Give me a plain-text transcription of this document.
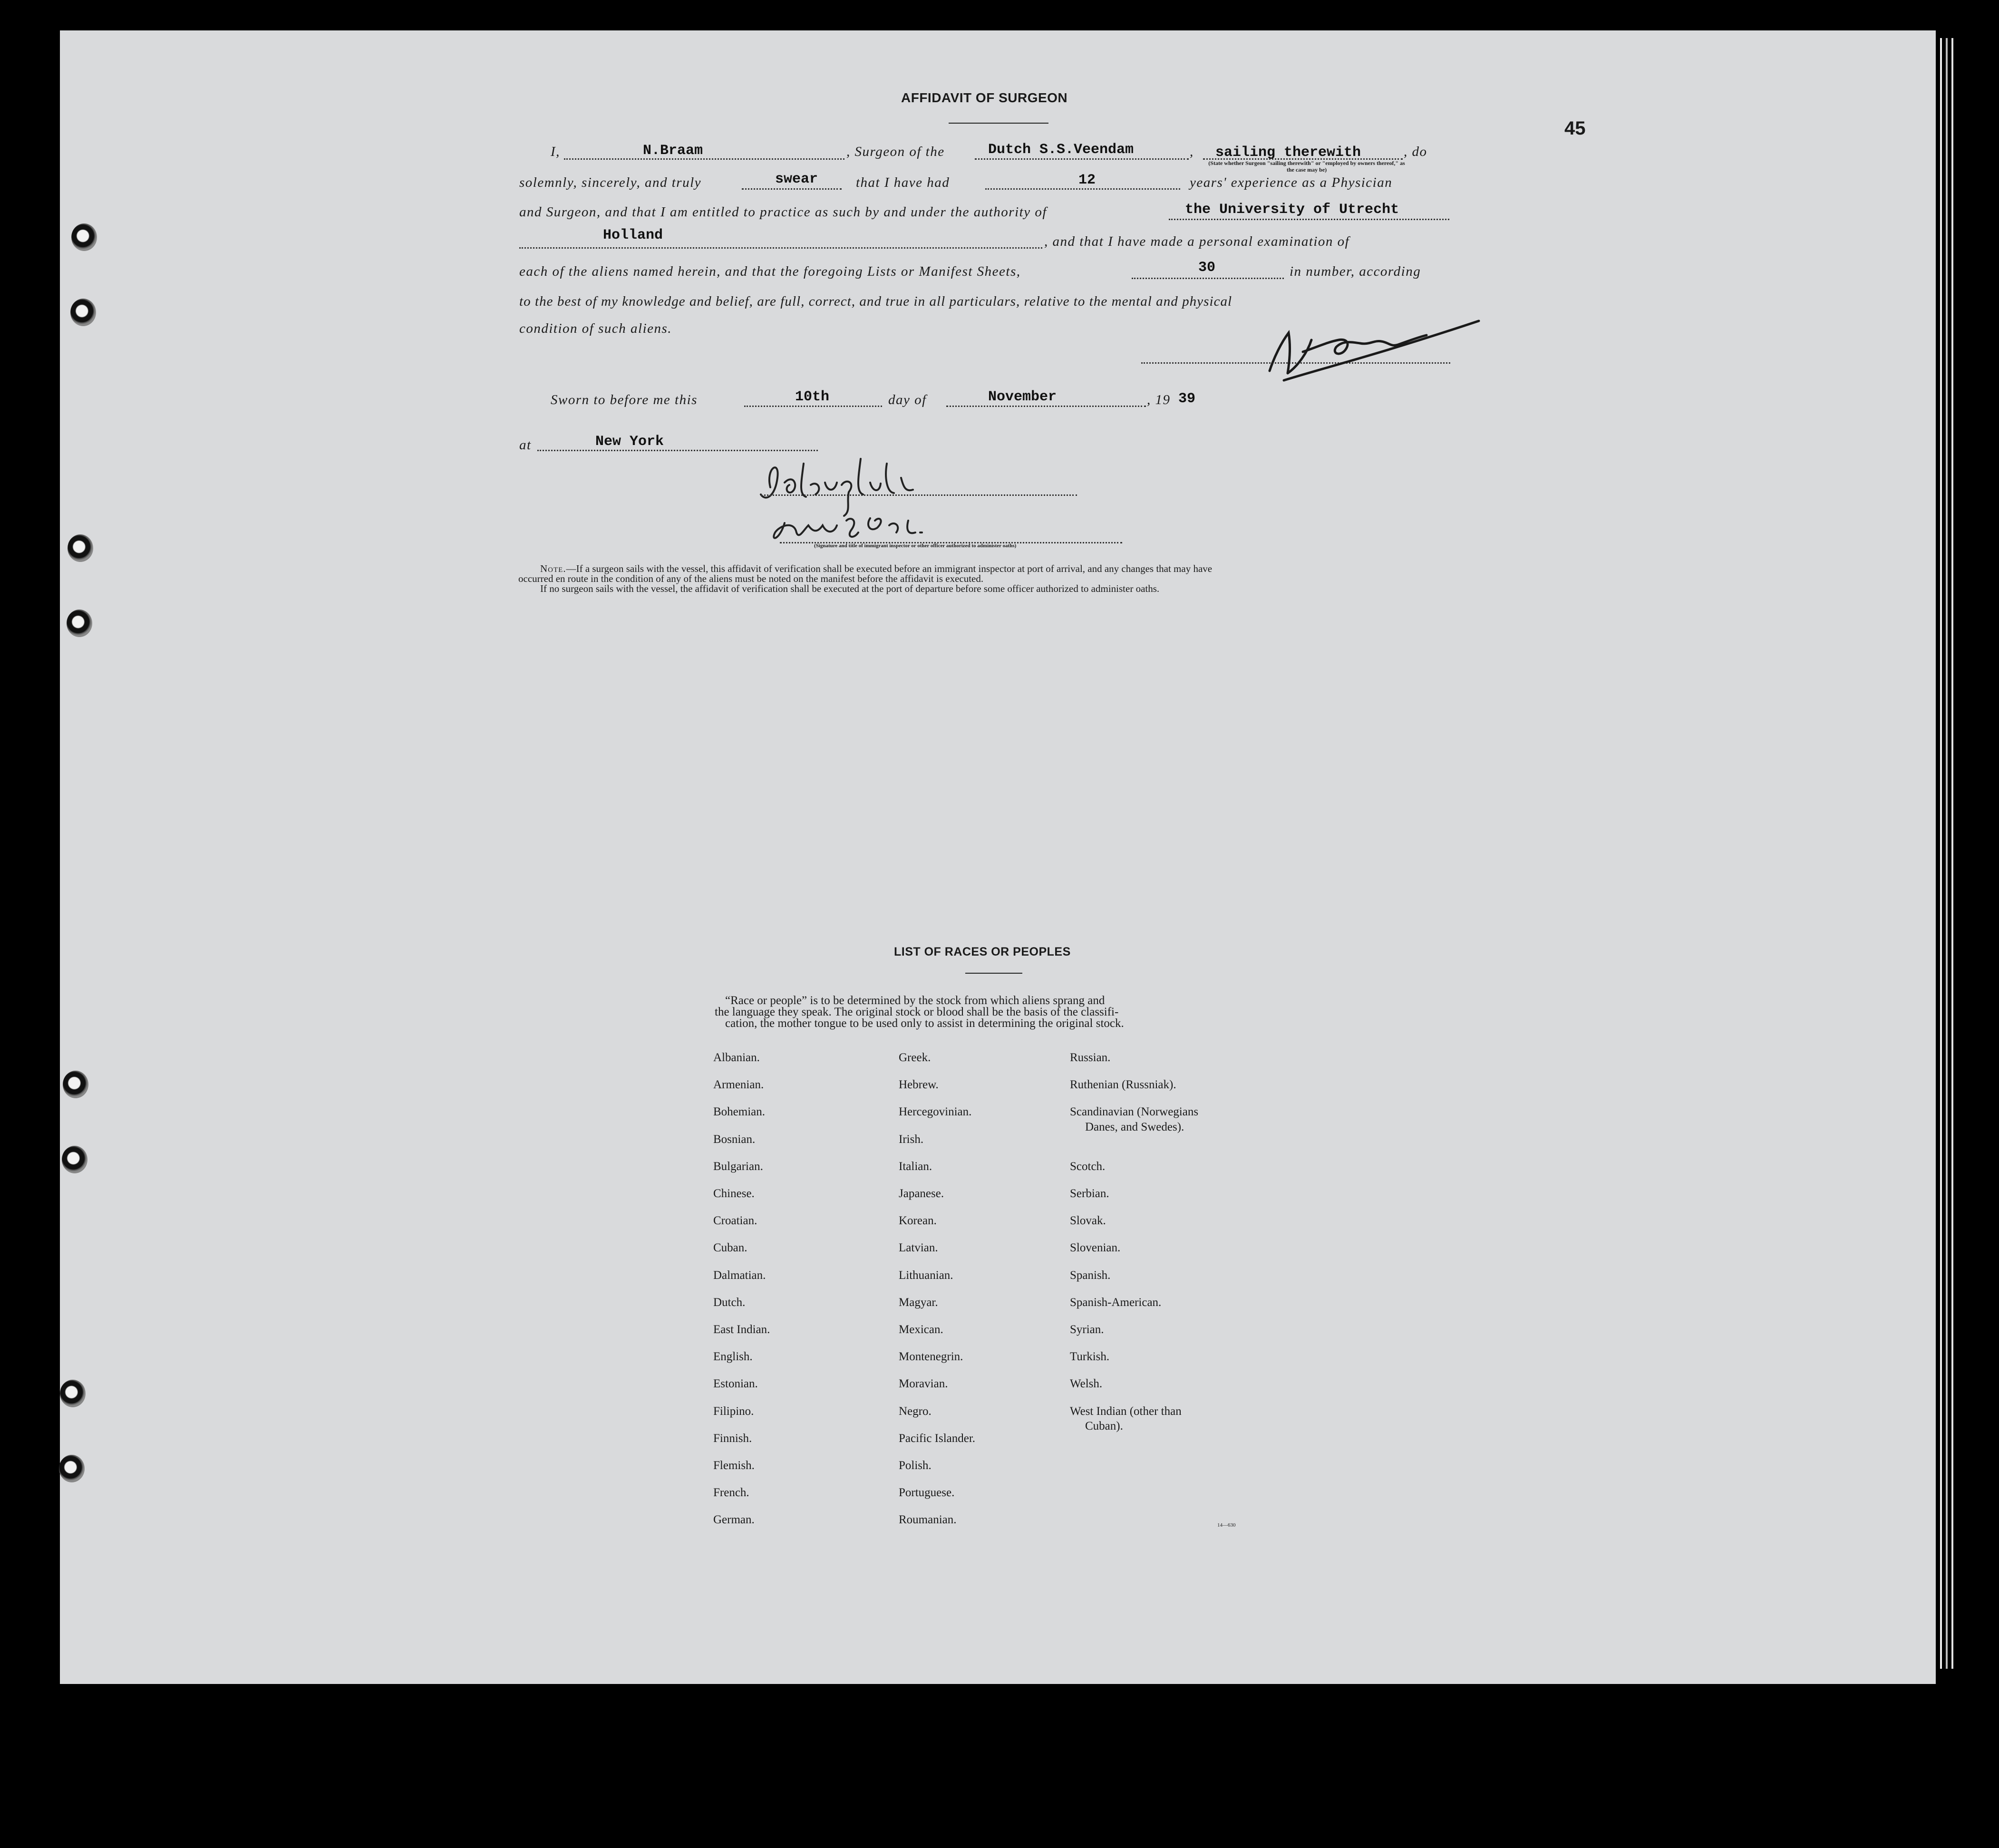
45
AFFIDAVIT OF SURGEON
I,	N.Braam	, Surgeon of the	Dutch S.S.Veendam	, sailing therewith	, do
(State whether Surgeon "sailing therewith" or "employed by owners thereof," as the case may be)
solemnly, sincerely, and truly	swear	that I have had	12	years' experience as a Physician
and Surgeon, and that I am entitled to practice as such by and under the authority of	the University of Utrecht
Holland	, and that I have made a personal examination of
each of the aliens named herein, and that the foregoing Lists or Manifest Sheets,	30	in number, according
to the best of my knowledge and belief, are full, correct, and true in all particulars, relative to the mental and physical
condition of such aliens.
Sworn to before me this	10th	day of	November	, 19 39
at	New York
(Signature and title of immigrant inspector or other officer authorized to administer oaths)
Note.—If a surgeon sails with the vessel, this affidavit of verification shall be executed before an immigrant inspector at port of arrival, and any changes that may have
occurred en route in the condition of any of the aliens must be noted on the manifest before the affidavit is executed.
If no surgeon sails with the vessel, the affidavit of verification shall be executed at the port of departure before some officer authorized to administer oaths.
LIST OF RACES OR PEOPLES
“Race or people” is to be determined by the stock from which aliens sprang and
the language they speak. The original stock or blood shall be the basis of the classifi-
cation, the mother tongue to be used only to assist in determining the original stock.
Albanian.
Armenian.
Bohemian.
Bosnian.
Bulgarian.
Chinese.
Croatian.
Cuban.
Dalmatian.
Dutch.
East Indian.
English.
Estonian.
Filipino.
Finnish.
Flemish.
French.
German.
Greek.
Hebrew.
Hercegovinian.
Irish.
Italian.
Japanese.
Korean.
Latvian.
Lithuanian.
Magyar.
Mexican.
Montenegrin.
Moravian.
Negro.
Pacific Islander.
Polish.
Portuguese.
Roumanian.
Russian.
Ruthenian (Russniak).
Scandinavian (Norwegians
Danes, and Swedes).
Scotch.
Serbian.
Slovak.
Slovenian.
Spanish.
Spanish-American.
Syrian.
Turkish.
Welsh.
West Indian (other than
Cuban).
14—630
